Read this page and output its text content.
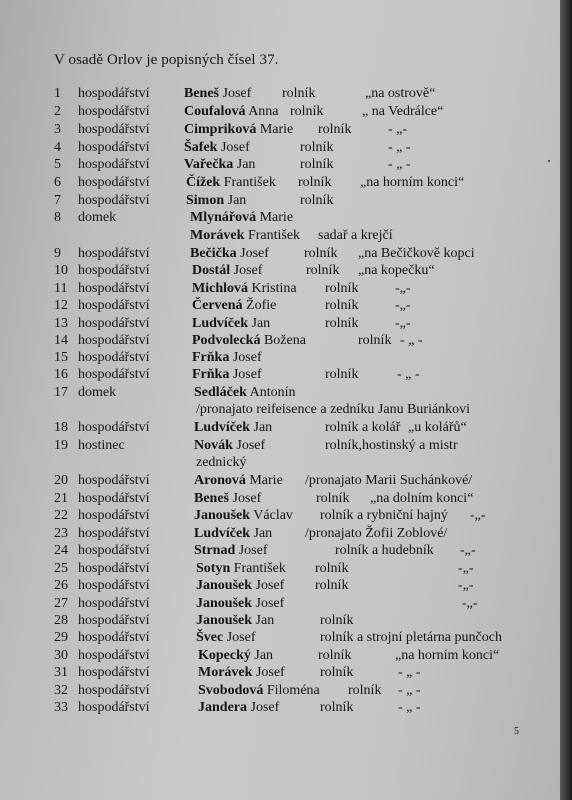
V osadě Orlov je popisných čísel 37.
1 hospodářství Beneš Josef rolník	„na ostrově“
2 hospodářství Coufalová Anna rolník	„ na Vedrálce“
3 hospodářství Cimpriková Marie rolník	- „-
4 hospodářství Šafek Josef	rolník	- „ -
5 hospodářství Vařečka Jan	rolník	- „ -
6 hospodářství	Čížek František rolník „na horním konci“
7 hospodářství	Simon Jan	rolník
8 domek	Mlynářová Marie
Morávek František sadař a krejčí
9 hospodářství	Bečička Josef	rolník „na Bečičkově kopci
10 hospodářství	Dostál Josef	rolník „na kopečku“
11 hospodářství	Michlová Kristina rolník	-„-
12 hospodářství	Červená Žofie	rolník	-„-
13 hospodářství	Ludvíček Jan	rolník	-„-
14 hospodářství	Podvolecká Božena	rolník - „ -
15 hospodářství	Frňka Josef
16 hospodářství	Frňka Josef	rolník	- „ -
17 domek	Sedláček Antonín
/pronajato reifeisence a zedníku Janu Buriánkovi
18 hospodářství	Ludvíček Jan	rolník a kolář „u kolářů“
19 hostinec	Novák Josef	rolník,hostinský a mistr
zednický
20 hospodářství	Aronová Marie /pronajato Marii Suchánkové/
21 hospodářství	Beneš Josef	rolník „na dolním konci“
22 hospodářství	Janoušek Václav rolník a rybniční hajný -„-
23 hospodářství	Ludvíček Jan /pronajato Žofii Zoblové/
24 hospodářství	Strnad Josef	rolník a hudebník -„-
25 hospodářství	Sotyn František rolník	-„-
26 hospodářství	Janoušek Josef rolník	-„-
27 hospodářství	Janoušek Josef	-„-
28 hospodářství	Janoušek Jan	rolník
29 hospodářství	Švec Josef	rolník a strojní pletárna punčoch
30 hospodářství	Kopecký Jan	rolník	„na horním konci“
31 hospodářství	Morávek Josef	rolník	- „ -
32 hospodářství	Svobodová Filoména rolník - „ -
33 hospodářství	Jandera Josef	rolník	- „ -
5
